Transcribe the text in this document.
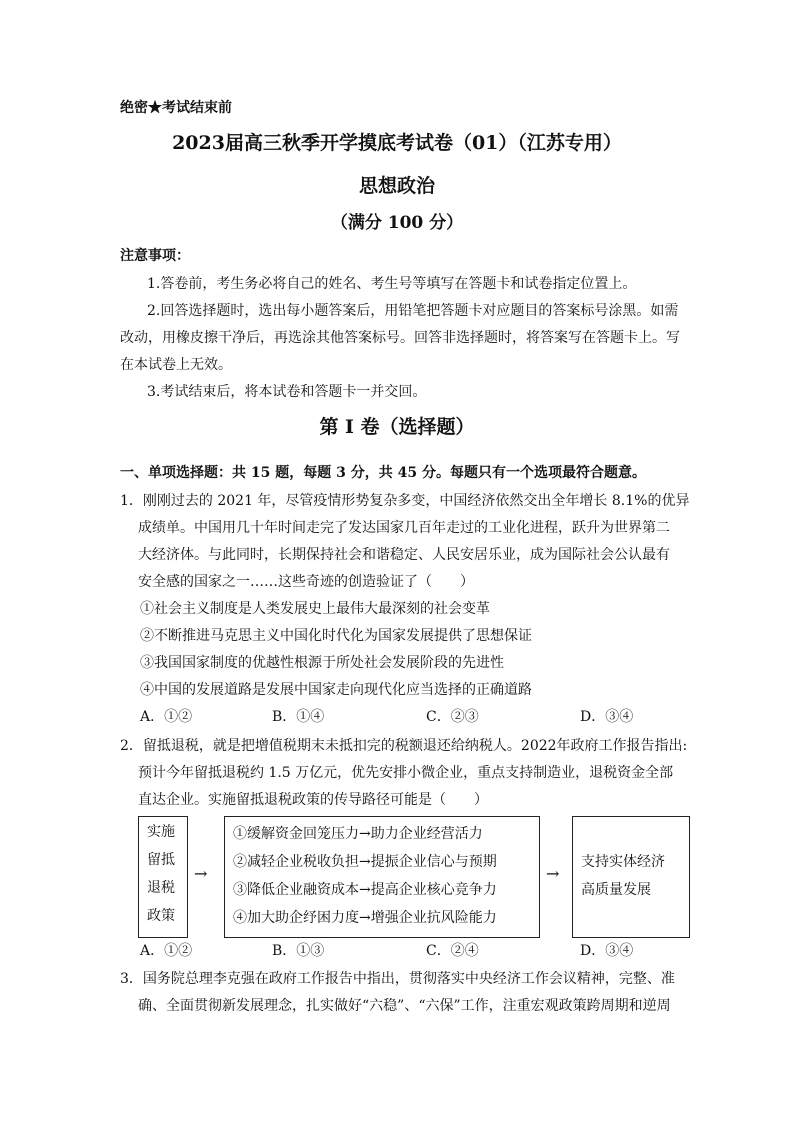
绝密★考试结束前
2023届高三秋季开学摸底考试卷（01）（江苏专用）
思想政治
（满分 100 分）
注意事项：
1.答卷前，考生务必将自己的姓名、考生号等填写在答题卡和试卷指定位置上。
2.回答选择题时，选出每小题答案后，用铅笔把答题卡对应题目的答案标号涂黑。如需
改动，用橡皮擦干净后，再选涂其他答案标号。回答非选择题时，将答案写在答题卡上。写
在本试卷上无效。
3.考试结束后，将本试卷和答题卡一并交回。
第 I 卷（选择题）
一、单项选择题：共 15 题，每题 3 分，共 45 分。每题只有一个选项最符合题意。
1．刚刚过去的 2021 年，尽管疫情形势复杂多变，中国经济依然交出全年增长 8.1%的优异
成绩单。中国用几十年时间走完了发达国家几百年走过的工业化进程，跃升为世界第二
大经济体。与此同时，长期保持社会和谐稳定、人民安居乐业，成为国际社会公认最有
安全感的国家之一……这些奇迹的创造验证了（　　）
①社会主义制度是人类发展史上最伟大最深刻的社会变革
②不断推进马克思主义中国化时代化为国家发展提供了思想保证
③我国国家制度的优越性根源于所处社会发展阶段的先进性
④中国的发展道路是发展中国家走向现代化应当选择的正确道路
A．①②	B．①④	C．②③	D．③④
2．留抵退税，就是把增值税期末未抵扣完的税额退还给纳税人。2022年政府工作报告指出:
预计今年留抵退税约 1.5 万亿元，优先安排小微企业，重点支持制造业，退税资金全部
直达企业。实施留抵退税政策的传导路径可能是（　　）
实施
留抵
退税
政策
→
①缓解资金回笼压力→助力企业经营活力
②减轻企业税收负担→提振企业信心与预期
③降低企业融资成本→提高企业核心竞争力
④加大助企纾困力度→增强企业抗风险能力
→
支持实体经济
高质量发展
A．①②	B．①③	C．②④	D．③④
3．国务院总理李克强在政府工作报告中指出，贯彻落实中央经济工作会议精神，完整、准
确、全面贯彻新发展理念，扎实做好“六稳”、“六保”工作，注重宏观政策跨周期和逆周
